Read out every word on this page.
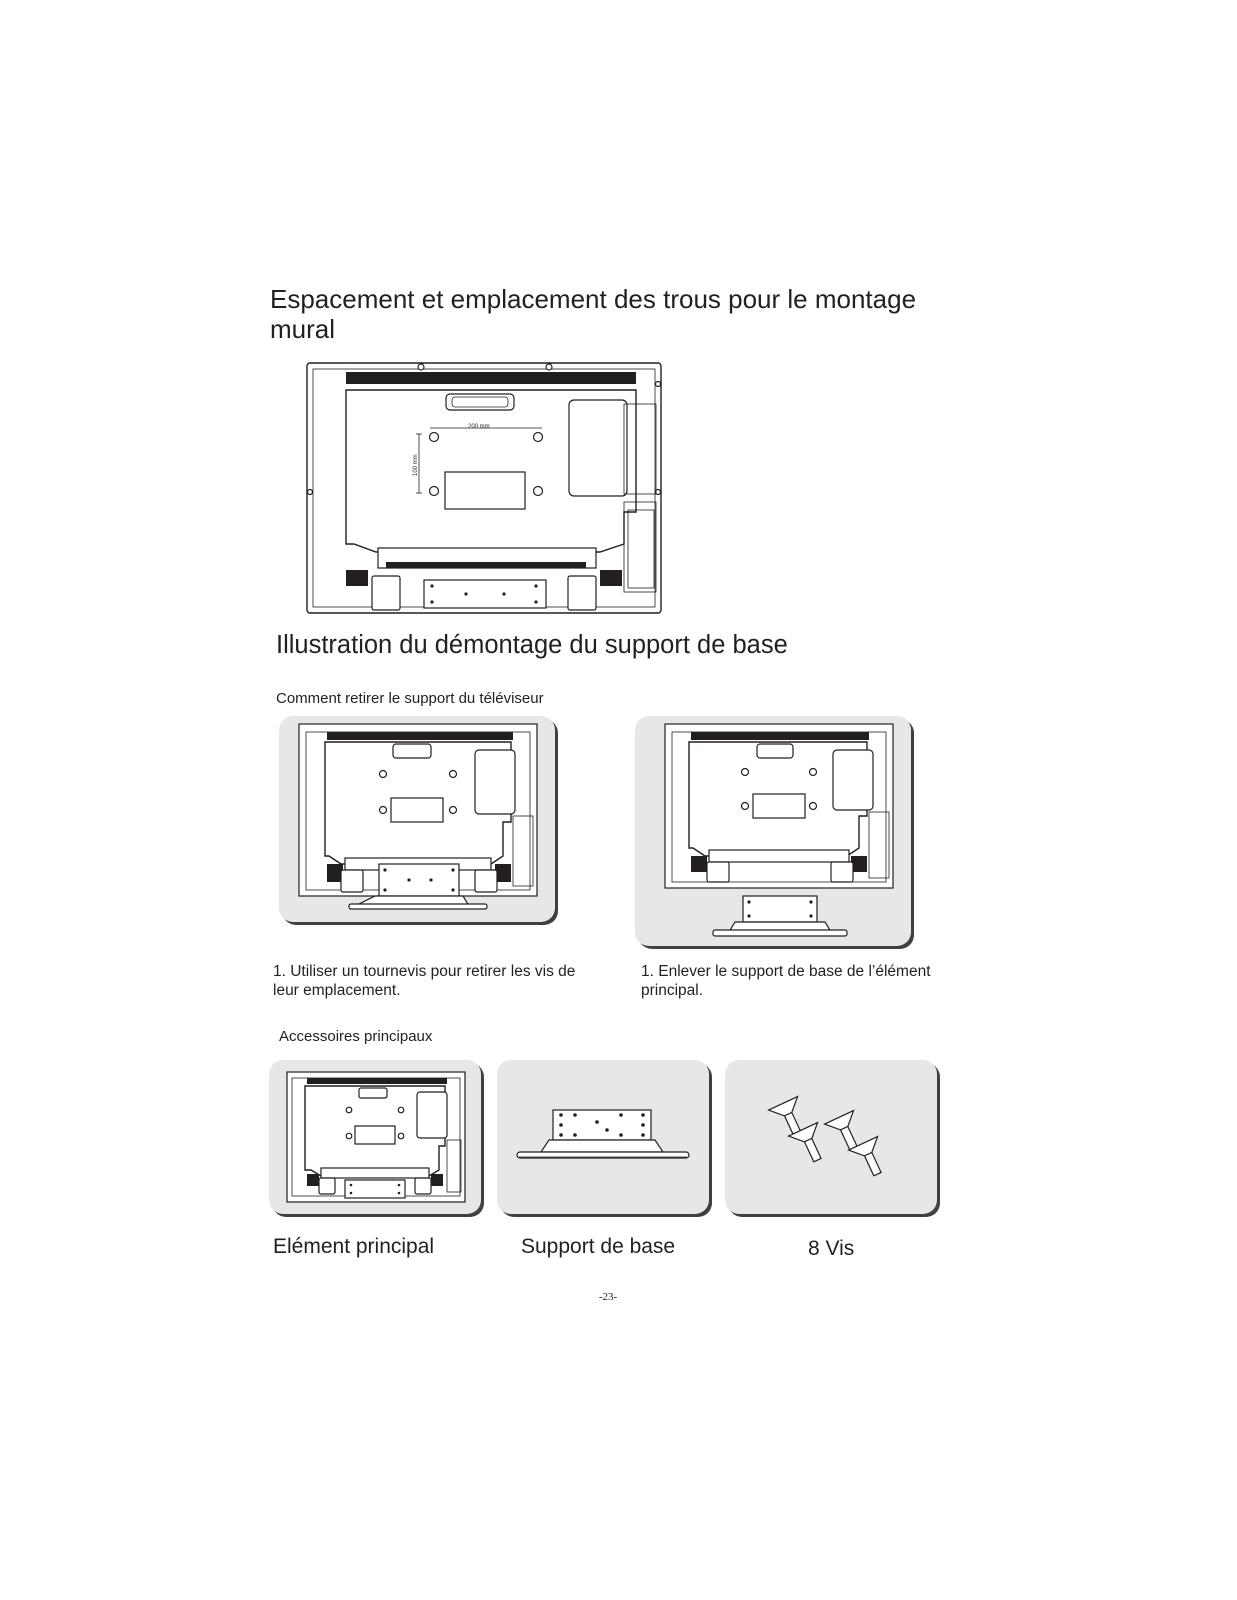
Espacement et emplacement des trous pour le montage mural
200 mm
100 mm
Illustration du démontage du support de base
Comment retirer le support du téléviseur
1. Utiliser un tournevis pour retirer les vis de leur emplacement.
1. Enlever le support de base de l’élément principal.
Accessoires principaux
Elément principal	Support de base	8 Vis
-23-
